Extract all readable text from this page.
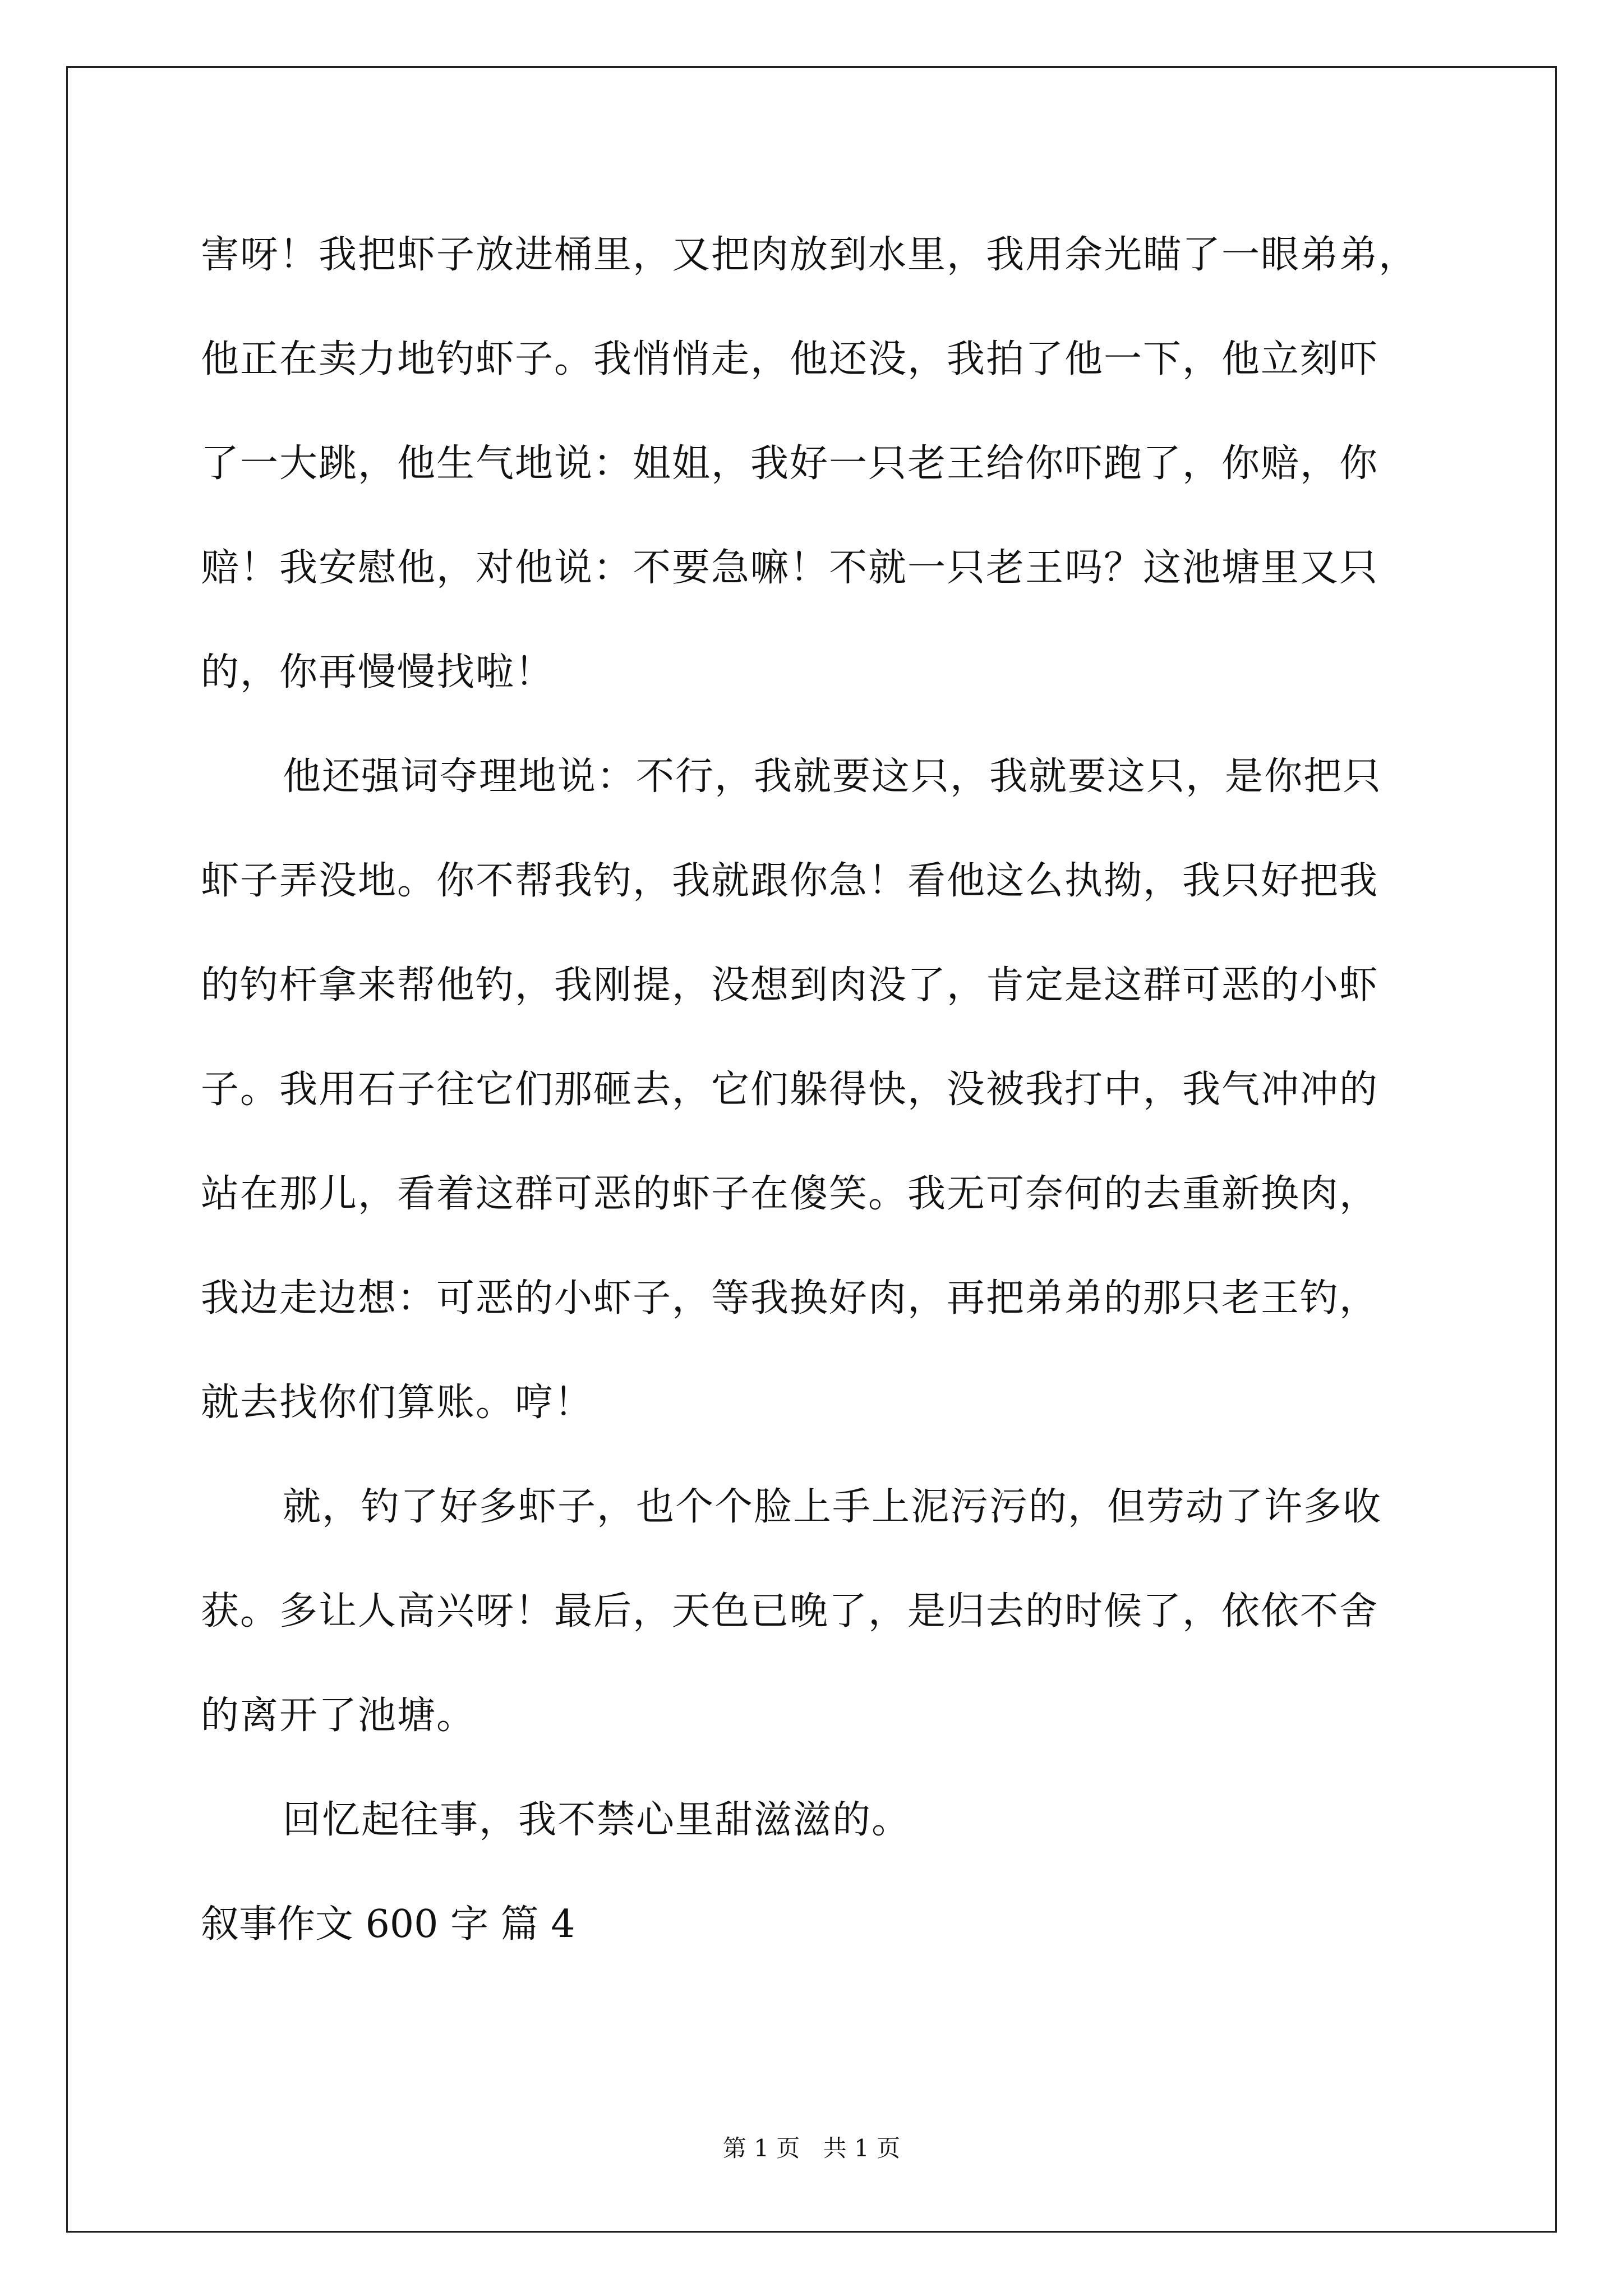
害呀！我把虾子放进桶里，又把肉放到水里，我用余光瞄了一眼弟弟，
他正在卖力地钓虾子。我悄悄走，他还没，我拍了他一下，他立刻吓
了一大跳，他生气地说：姐姐，我好一只老王给你吓跑了，你赔，你
赔！我安慰他，对他说：不要急嘛！不就一只老王吗？这池塘里又只
的，你再慢慢找啦！
他还强词夺理地说：不行，我就要这只，我就要这只，是你把只
虾子弄没地。你不帮我钓，我就跟你急！看他这么执拗，我只好把我
的钓杆拿来帮他钓，我刚提，没想到肉没了，肯定是这群可恶的小虾
子。我用石子往它们那砸去，它们躲得快，没被我打中，我气冲冲的
站在那儿，看着这群可恶的虾子在傻笑。我无可奈何的去重新换肉，
我边走边想：可恶的小虾子，等我换好肉，再把弟弟的那只老王钓，
就去找你们算账。哼！
就，钓了好多虾子，也个个脸上手上泥污污的，但劳动了许多收
获。多让人高兴呀！最后，天色已晚了，是归去的时候了，依依不舍
的离开了池塘。
回忆起往事，我不禁心里甜滋滋的。
叙事作文 600 字 篇 4
第 1 页 共 1 页
